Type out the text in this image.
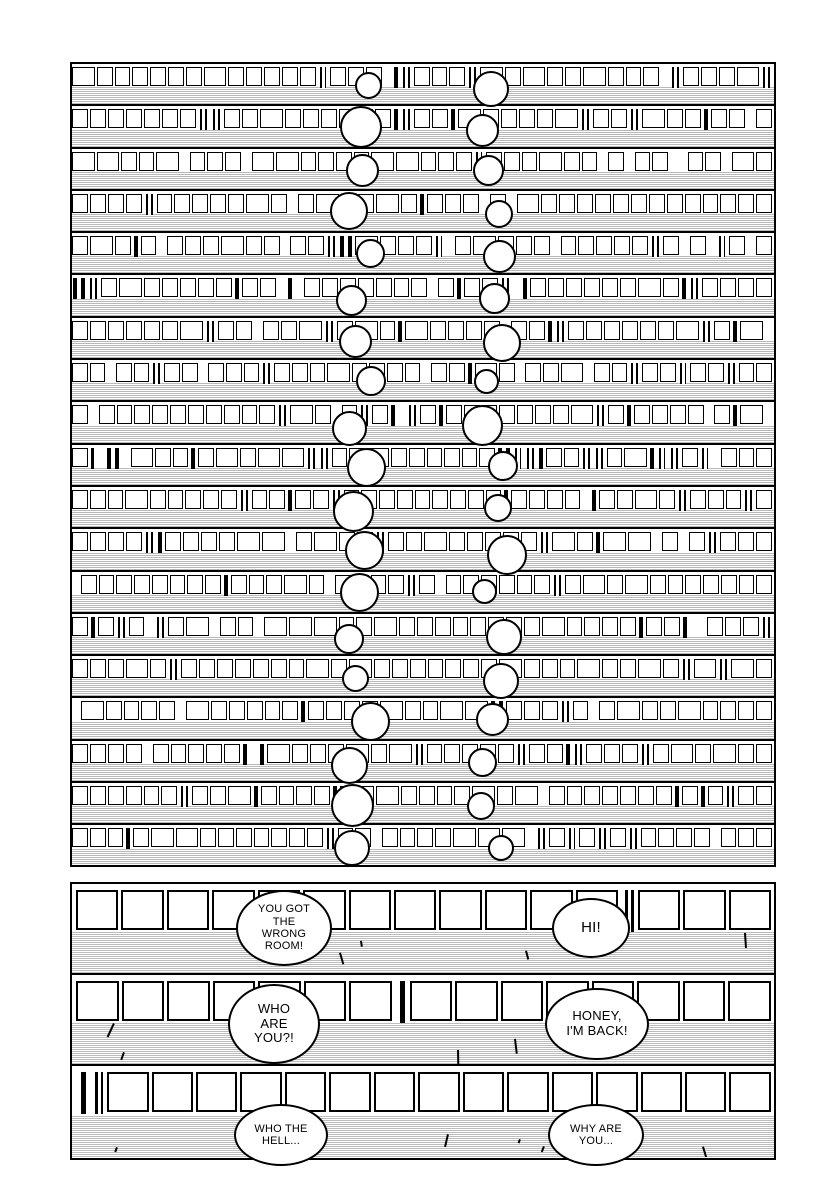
YOU GOT
THE
WRONG
ROOM!
HI!
WHO
ARE
YOU?!
HONEY,
I'M BACK!
WHO THE
HELL...
WHY ARE
YOU...
